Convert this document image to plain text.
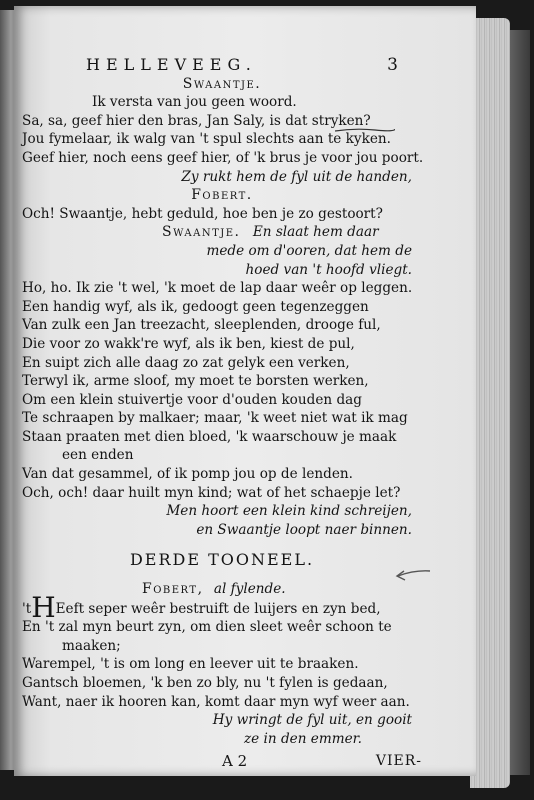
HELLEVEEG.	3
Swaantje.
Ik versta van jou geen woord.
Sa, sa, geef hier den bras, Jan Saly, is dat stryken?
Jou fymelaar, ik walg van 't spul slechts aan te kyken.
Geef hier, noch eens geef hier, of 'k brus je voor jou poort.
Zy rukt hem de fyl uit de handen,
Fobert.
Och! Swaantje, hebt geduld, hoe ben je zo gestoort?
Swaantje. En slaat hem daar
mede om d'ooren, dat hem de
hoed van 't hoofd vliegt.
Ho, ho. Ik zie 't wel, 'k moet de lap daar weêr op leggen.
Een handig wyf, als ik, gedoogt geen tegenzeggen
Van zulk een Jan treezacht, sleeplenden, drooge ful,
Die voor zo wakk're wyf, als ik ben, kiest de pul,
En suipt zich alle daag zo zat gelyk een verken,
Terwyl ik, arme sloof, my moet te borsten werken,
Om een klein stuivertje voor d'ouden kouden dag
Te schraapen by malkaer; maar, 'k weet niet wat ik mag
Staan praaten met dien bloed, 'k waarschouw je maak
een enden
Van dat gesammel, of ik pomp jou op de lenden.
Och, och! daar huilt myn kind; wat of het schaepje let?
Men hoort een klein kind schreijen,
en Swaantje loopt naer binnen.
DERDE TOONEEL.
Fobert, al fylende.
'tHEeft seper weêr bestruift de luijers en zyn bed,
En 't zal myn beurt zyn, om dien sleet weêr schoon te
maaken;
Warempel, 't is om long en leever uit te braaken.
Gantsch bloemen, 'k ben zo bly, nu 't fylen is gedaan,
Want, naer ik hooren kan, komt daar myn wyf weer aan.
Hy wringt de fyl uit, en gooit
ze in den emmer.
A 2	VIER-
